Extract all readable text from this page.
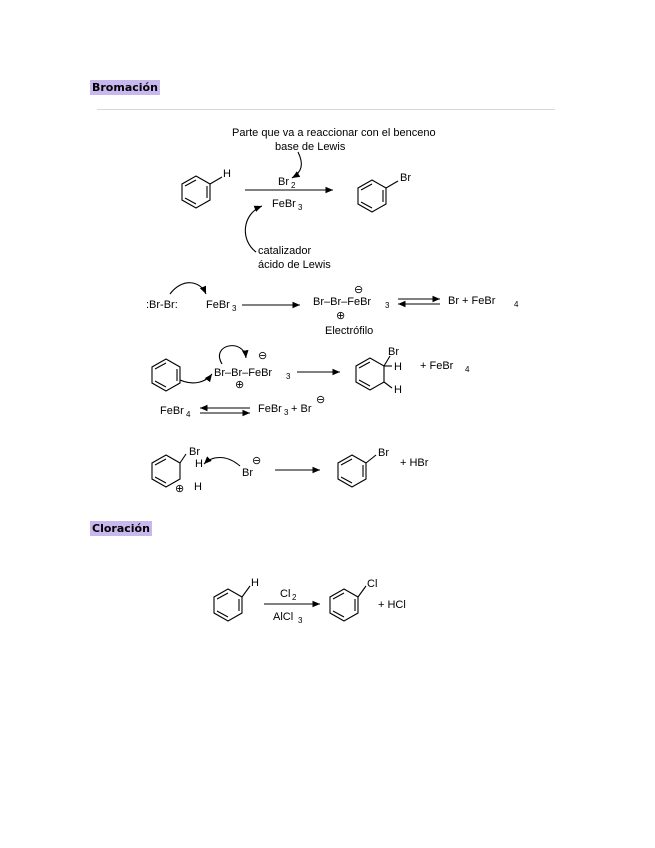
Bromación
Cloración
Parte que va a reaccionar con el benceno
base de Lewis
H
Br 2
FeBr 3
Br
catalizador
ácido de Lewis
:Br-Br:	FeBr 3
⊖
Br–Br–FeBr 3
⊕
Br + FeBr 4
Electrófilo
⊖
Br–Br–FeBr 3
⊕
Br
H
H
+ FeBr 4
FeBr 4	FeBr 3 + Br
⊖
Br
H
H
⊕
Br
⊖
Br
+ HBr
H
Cl 2
AlCl 3
Cl
+ HCl
